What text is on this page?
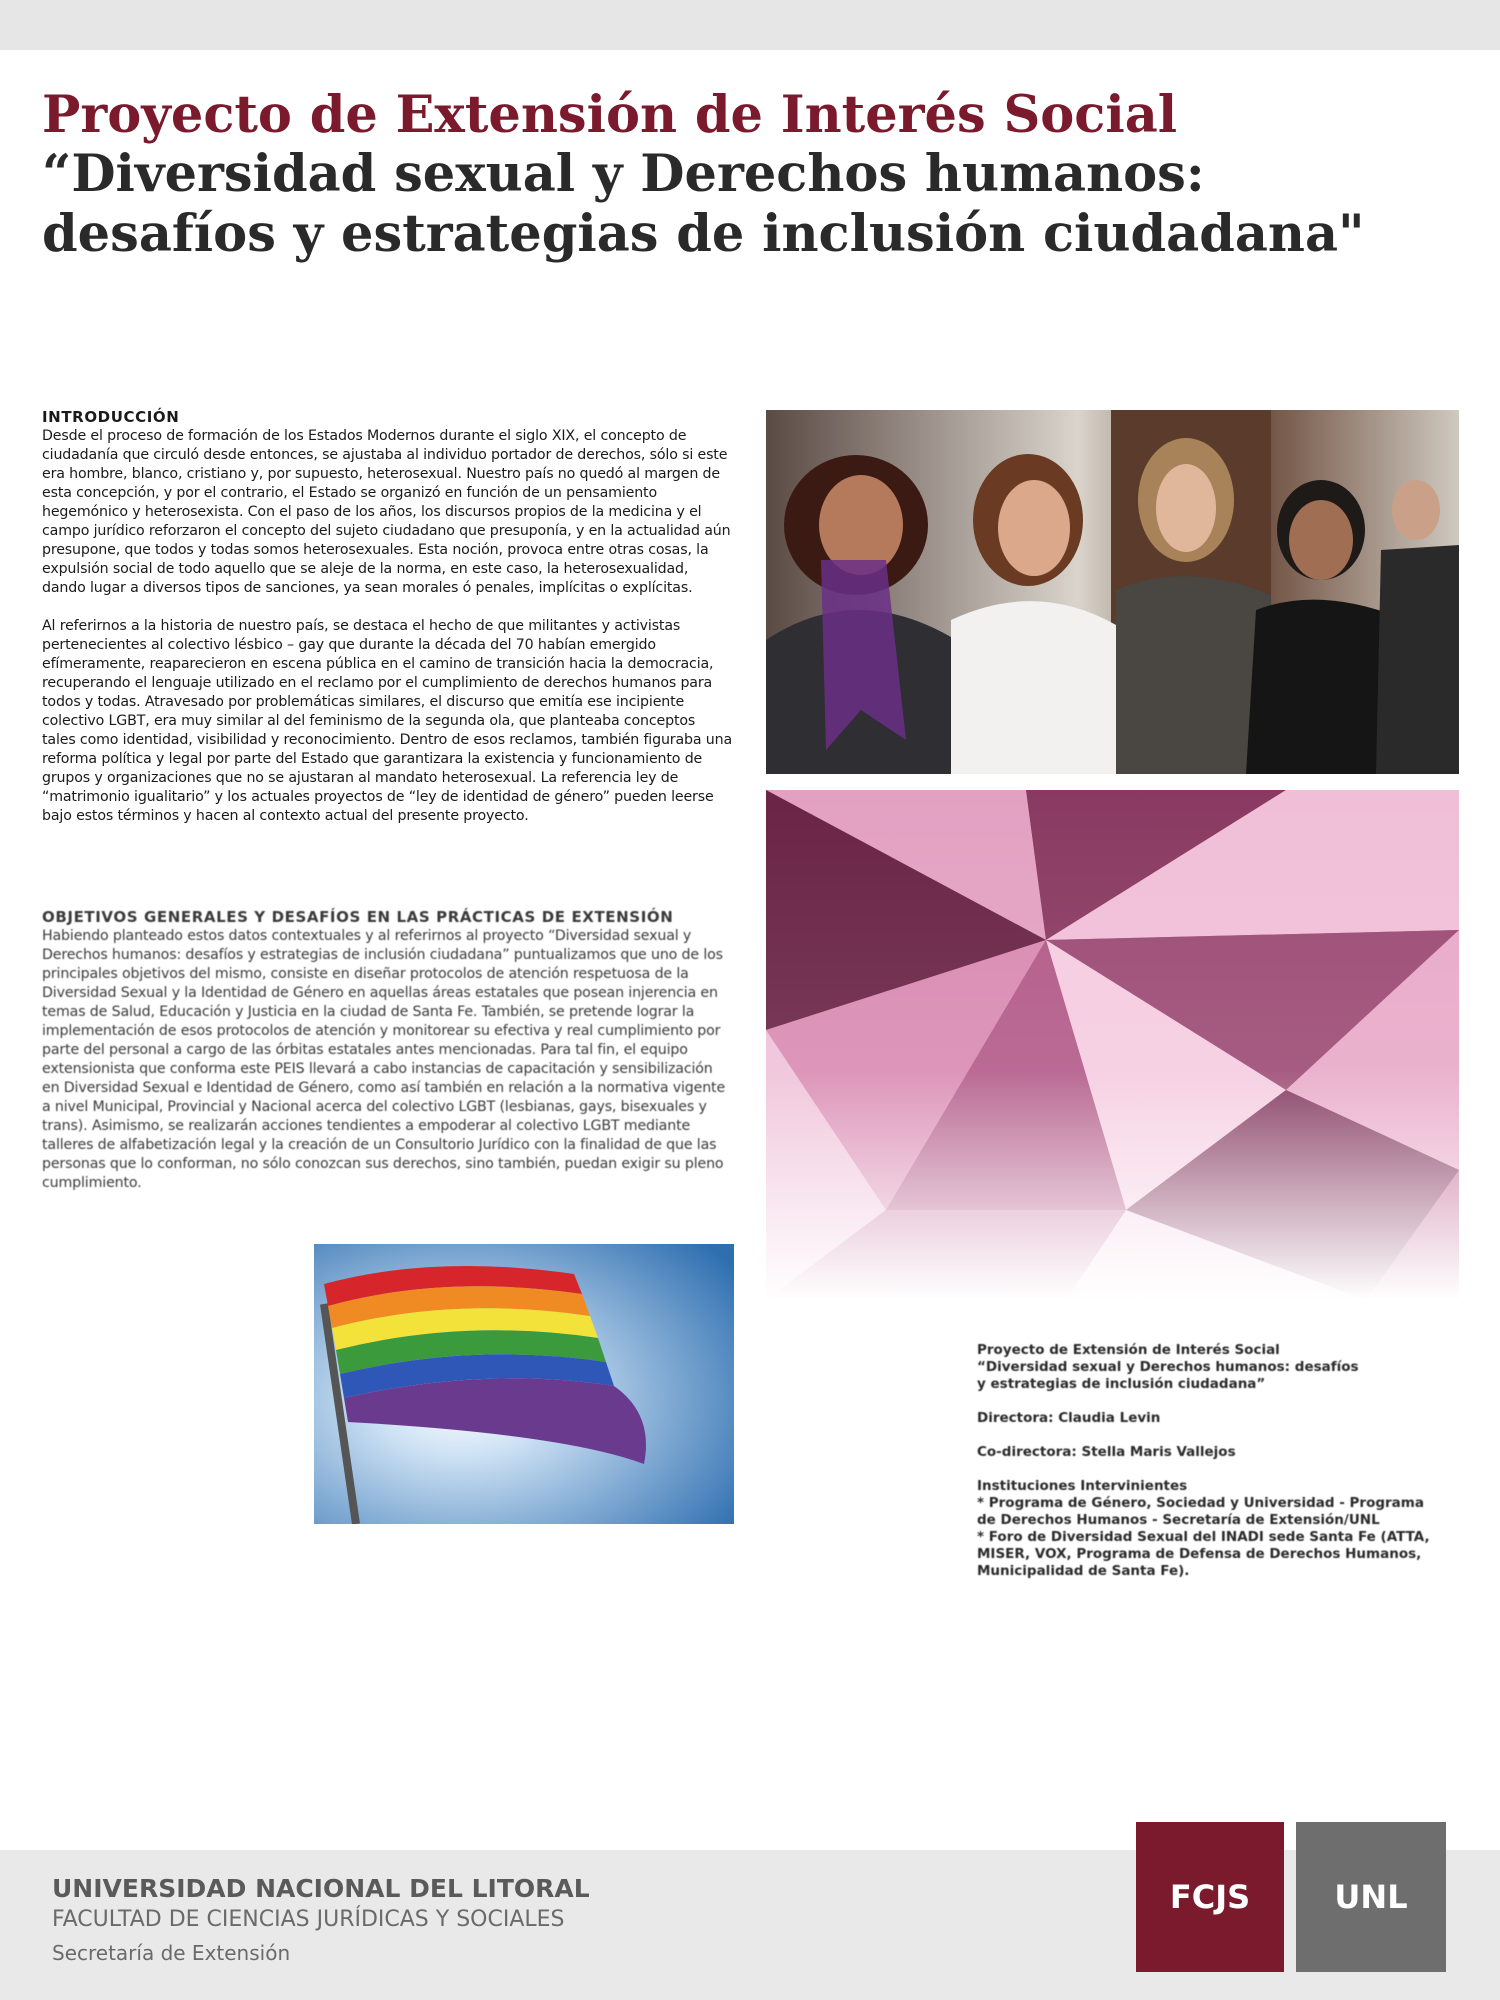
Proyecto de Extensión de Interés Social
“Diversidad sexual y Derechos humanos:
desafíos y estrategias de inclusión ciudadana"
INTRODUCCIÓN

Desde el proceso de formación de los Estados Modernos durante el siglo XIX, el concepto de ciudadanía que circuló desde entonces, se ajustaba al individuo portador de derechos, sólo si este era hombre, blanco, cristiano y, por supuesto, heterosexual. Nuestro país no quedó al margen de esta concepción, y por el contrario, el Estado se organizó en función de un pensamiento hegemónico y heterosexista. Con el paso de los años, los discursos propios de la medicina y el campo jurídico reforzaron el concepto del sujeto ciudadano que presuponía, y en la actualidad aún presupone, que todos y todas somos heterosexuales. Esta noción, provoca entre otras cosas, la expulsión social de todo aquello que se aleje de la norma, en este caso, la heterosexualidad, dando lugar a diversos tipos de sanciones, ya sean morales ó penales, implícitas o explícitas.

Al referirnos a la historia de nuestro país, se destaca el hecho de que militantes y activistas pertenecientes al colectivo lésbico – gay que durante la década del 70 habían emergido efímeramente, reaparecieron en escena pública en el camino de transición hacia la democracia, recuperando el lenguaje utilizado en el reclamo por el cumplimiento de derechos humanos para todos y todas. Atravesado por problemáticas similares, el discurso que emitía ese incipiente colectivo LGBT, era muy similar al del feminismo de la segunda ola, que planteaba conceptos tales como identidad, visibilidad y reconocimiento. Dentro de esos reclamos, también figuraba una reforma política y legal por parte del Estado que garantizara la existencia y funcionamiento de grupos y organizaciones que no se ajustaran al mandato heterosexual. La referencia ley de “matrimonio igualitario” y los actuales proyectos de “ley de identidad de género” pueden leerse bajo estos términos y hacen al contexto actual del presente proyecto.

OBJETIVOS GENERALES Y DESAFÍOS EN LAS PRÁCTICAS DE EXTENSIÓN

Habiendo planteado estos datos contextuales y al referirnos al proyecto “Diversidad sexual y Derechos humanos: desafíos y estrategias de inclusión ciudadana” puntualizamos que uno de los principales objetivos del mismo, consiste en diseñar protocolos de atención respetuosa de la Diversidad Sexual y la Identidad de Género en aquellas áreas estatales que posean injerencia en temas de Salud, Educación y Justicia en la ciudad de Santa Fe. También, se pretende lograr la implementación de esos protocolos de atención y monitorear su efectiva y real cumplimiento por parte del personal a cargo de las órbitas estatales antes mencionadas. Para tal fin, el equipo extensionista que conforma este PEIS llevará a cabo instancias de capacitación y sensibilización en Diversidad Sexual e Identidad de Género, como así también en relación a la normativa vigente a nivel Municipal, Provincial y Nacional acerca del colectivo LGBT (lesbianas, gays, bisexuales y trans). Asimismo, se realizarán acciones tendientes a empoderar al colectivo LGBT mediante talleres de alfabetización legal y la creación de un Consultorio Jurídico con la finalidad de que las personas que lo conforman, no sólo conozcan sus derechos, sino también, puedan exigir su pleno cumplimiento.

Proyecto de Extensión de Interés Social
“Diversidad sexual y Derechos humanos: desafíos
y estrategias de inclusión ciudadana”
Directora: Claudia Levin
Co-directora: Stella Maris Vallejos
Instituciones Intervinientes
* Programa de Género, Sociedad y Universidad - Programa
de Derechos Humanos - Secretaría de Extensión/UNL
* Foro de Diversidad Sexual del INADI sede Santa Fe (ATTA,
MISER, VOX, Programa de Defensa de Derechos Humanos,
Municipalidad de Santa Fe).
UNIVERSIDAD NACIONAL DEL LITORAL
FACULTAD DE CIENCIAS JURÍDICAS Y SOCIALES
Secretaría de Extensión
FCJS	UNL
